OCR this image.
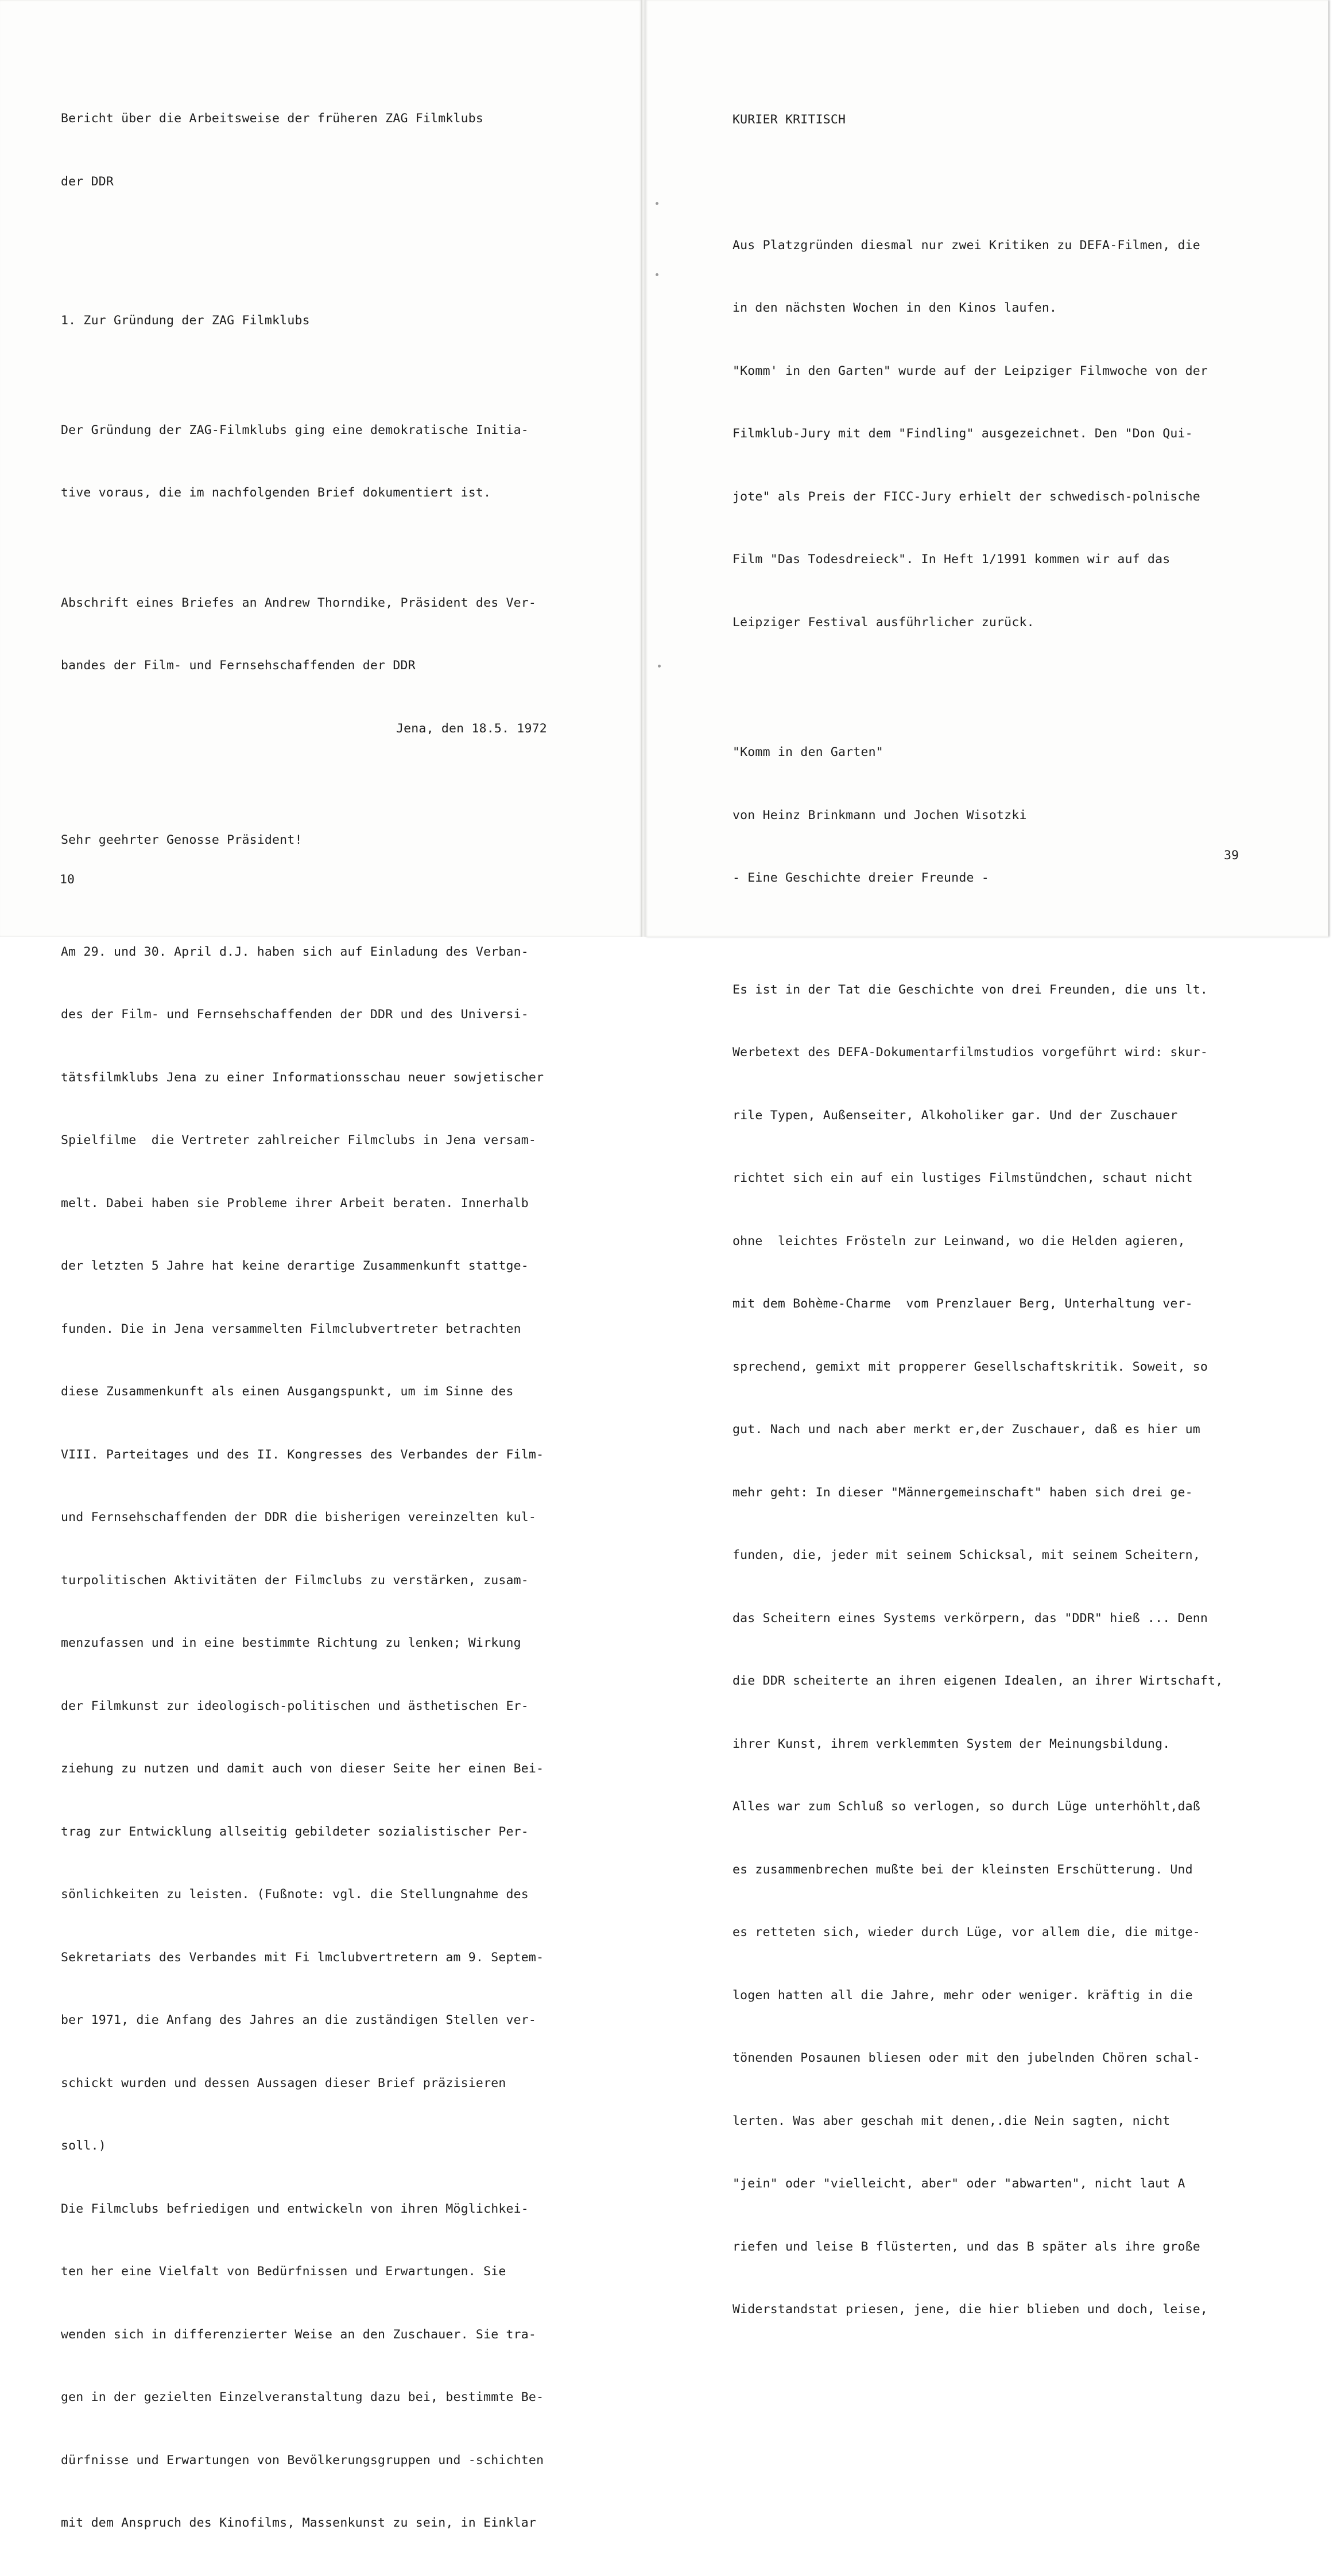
Bericht über die Arbeitsweise der früheren ZAG Filmklubs

der DDR

1. Zur Gründung der ZAG Filmklubs

Der Gründung der ZAG-Filmklubs ging eine demokratische Initia-

tive voraus, die im nachfolgenden Brief dokumentiert ist.

Abschrift eines Briefes an Andrew Thorndike, Präsident des Ver-

bandes der Film- und Fernsehschaffenden der DDR

Jena, den 18.5. 1972

Sehr geehrter Genosse Präsident!

Am 29. und 30. April d.J. haben sich auf Einladung des Verban-

des der Film- und Fernsehschaffenden der DDR und des Universi-

tätsfilmklubs Jena zu einer Informationsschau neuer sowjetischer

Spielfilme  die Vertreter zahlreicher Filmclubs in Jena versam-

melt. Dabei haben sie Probleme ihrer Arbeit beraten. Innerhalb

der letzten 5 Jahre hat keine derartige Zusammenkunft stattge-

funden. Die in Jena versammelten Filmclubvertreter betrachten

diese Zusammenkunft als einen Ausgangspunkt, um im Sinne des

VIII. Parteitages und des II. Kongresses des Verbandes der Film-

und Fernsehschaffenden der DDR die bisherigen vereinzelten kul-

turpolitischen Aktivitäten der Filmclubs zu verstärken, zusam-

menzufassen und in eine bestimmte Richtung zu lenken; Wirkung

der Filmkunst zur ideologisch-politischen und ästhetischen Er-

ziehung zu nutzen und damit auch von dieser Seite her einen Bei-

trag zur Entwicklung allseitig gebildeter sozialistischer Per-

sönlichkeiten zu leisten. (Fußnote: vgl. die Stellungnahme des

Sekretariats des Verbandes mit Fi lmclubvertretern am 9. Septem-

ber 1971, die Anfang des Jahres an die zuständigen Stellen ver-

schickt wurden und dessen Aussagen dieser Brief präzisieren

soll.)

Die Filmclubs befriedigen und entwickeln von ihren Möglichkei-

ten her eine Vielfalt von Bedürfnissen und Erwartungen. Sie

wenden sich in differenzierter Weise an den Zuschauer. Sie tra-

gen in der gezielten Einzelveranstaltung dazu bei, bestimmte Be-

dürfnisse und Erwartungen von Bevölkerungsgruppen und -schichten

mit dem Anspruch des Kinofilms, Massenkunst zu sein, in Einklar

10

KURIER KRITISCH

Aus Platzgründen diesmal nur zwei Kritiken zu DEFA-Filmen, die

in den nächsten Wochen in den Kinos laufen.

"Komm' in den Garten" wurde auf der Leipziger Filmwoche von der

Filmklub-Jury mit dem "Findling" ausgezeichnet. Den "Don Qui-

jote" als Preis der FICC-Jury erhielt der schwedisch-polnische

Film "Das Todesdreieck". In Heft 1/1991 kommen wir auf das

Leipziger Festival ausführlicher zurück.

"Komm in den Garten"

von Heinz Brinkmann und Jochen Wisotzki

- Eine Geschichte dreier Freunde -

Es ist in der Tat die Geschichte von drei Freunden, die uns lt.

Werbetext des DEFA-Dokumentarfilmstudios vorgeführt wird: skur-

rile Typen, Außenseiter, Alkoholiker gar. Und der Zuschauer

richtet sich ein auf ein lustiges Filmstündchen, schaut nicht

ohne  leichtes Frösteln zur Leinwand, wo die Helden agieren,

mit dem Bohème-Charme  vom Prenzlauer Berg, Unterhaltung ver-

sprechend, gemixt mit propperer Gesellschaftskritik. Soweit, so

gut. Nach und nach aber merkt er,der Zuschauer, daß es hier um

mehr geht: In dieser "Männergemeinschaft" haben sich drei ge-

funden, die, jeder mit seinem Schicksal, mit seinem Scheitern,

das Scheitern eines Systems verkörpern, das "DDR" hieß ... Denn

die DDR scheiterte an ihren eigenen Idealen, an ihrer Wirtschaft,

ihrer Kunst, ihrem verklemmten System der Meinungsbildung.

Alles war zum Schluß so verlogen, so durch Lüge unterhöhlt,daß

es zusammenbrechen mußte bei der kleinsten Erschütterung. Und

es retteten sich, wieder durch Lüge, vor allem die, die mitge-

logen hatten all die Jahre, mehr oder weniger. kräftig in die

tönenden Posaunen bliesen oder mit den jubelnden Chören schal-

lerten. Was aber geschah mit denen,.die Nein sagten, nicht

"jein" oder "vielleicht, aber" oder "abwarten", nicht laut A

riefen und leise B flüsterten, und das B später als ihre große

Widerstandstat priesen, jene, die hier blieben und doch, leise,

39
